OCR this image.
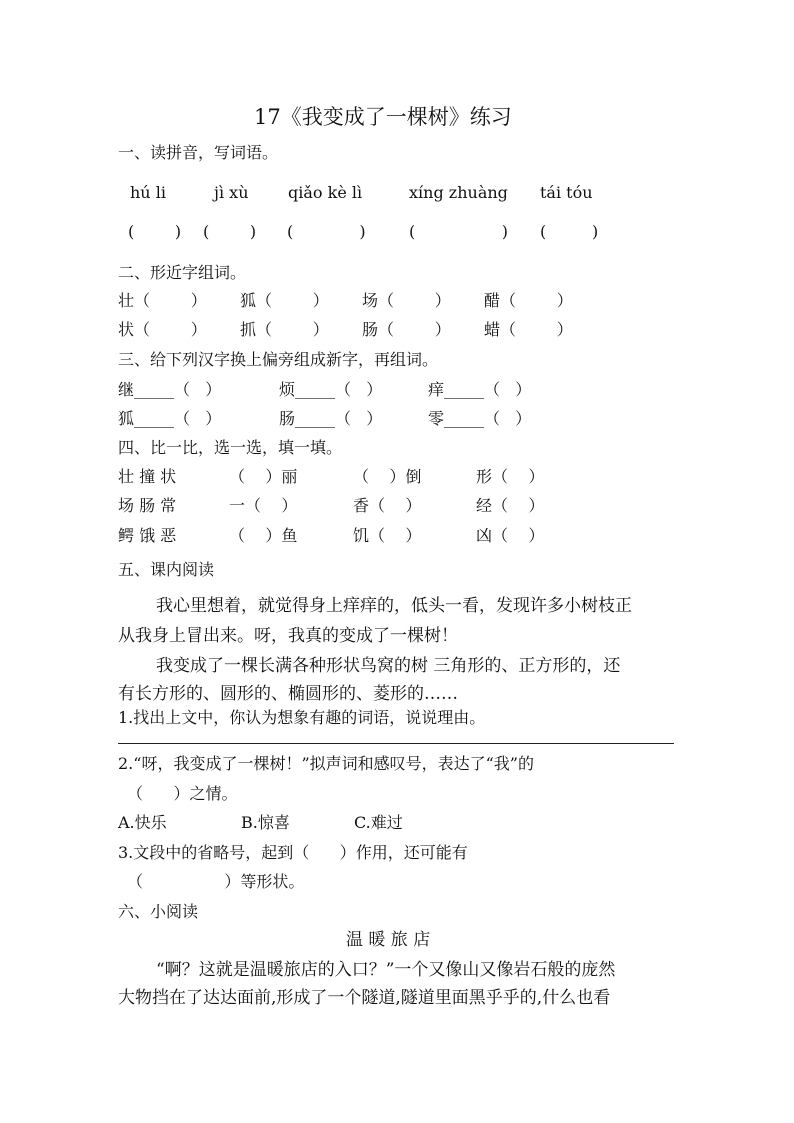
17《我变成了一棵树》练习
一、读拼音，写词语。
hú li	jì xù qiǎo kè lì	xíng zhuàng tái tóu
(        ) (        ) (             )	(                 ) (         )
二、形近字组词。
壮（        ） 狐（        ） 场（        ） 醋（        ）
状（        ） 抓（        ） 肠（        ） 蜡（        ）
三、给下列汉字换上偏旁组成新字，再组词。
继_____（   ）	烦_____（   ）	痒_____（   ）
狐_____（   ）	肠_____（   ）	零_____（   ）
四、比一比，选一选，填一填。
壮 撞 状	（    ）丽	（    ）倒	形（    ）
场 肠 常	一（    ）	香（    ）	经（    ）
鳄 饿 恶	（    ）鱼	饥（    ）	凶（    ）
五、课内阅读
我心里想着，就觉得身上痒痒的，低头一看，发现许多小树枝正
从我身上冒出来。呀，我真的变成了一棵树！
我变成了一棵长满各种形状鸟窝的树 三角形的、正方形的，还
有长方形的、圆形的、椭圆形的、菱形的……
1.找出上文中，你认为想象有趣的词语，说说理由。
2.“呀，我变成了一棵树！”拟声词和感叹号，表达了“我”的
（      ）之情。
A.快乐	B.惊喜	C.难过
3.文段中的省略号，起到（      ）作用，还可能有
（                ）等形状。
六、小阅读
温 暖 旅 店
“啊？这就是温暖旅店的入口？”一个又像山又像岩石般的庞然
大物挡在了达达面前,形成了一个隧道,隧道里面黑乎乎的,什么也看
